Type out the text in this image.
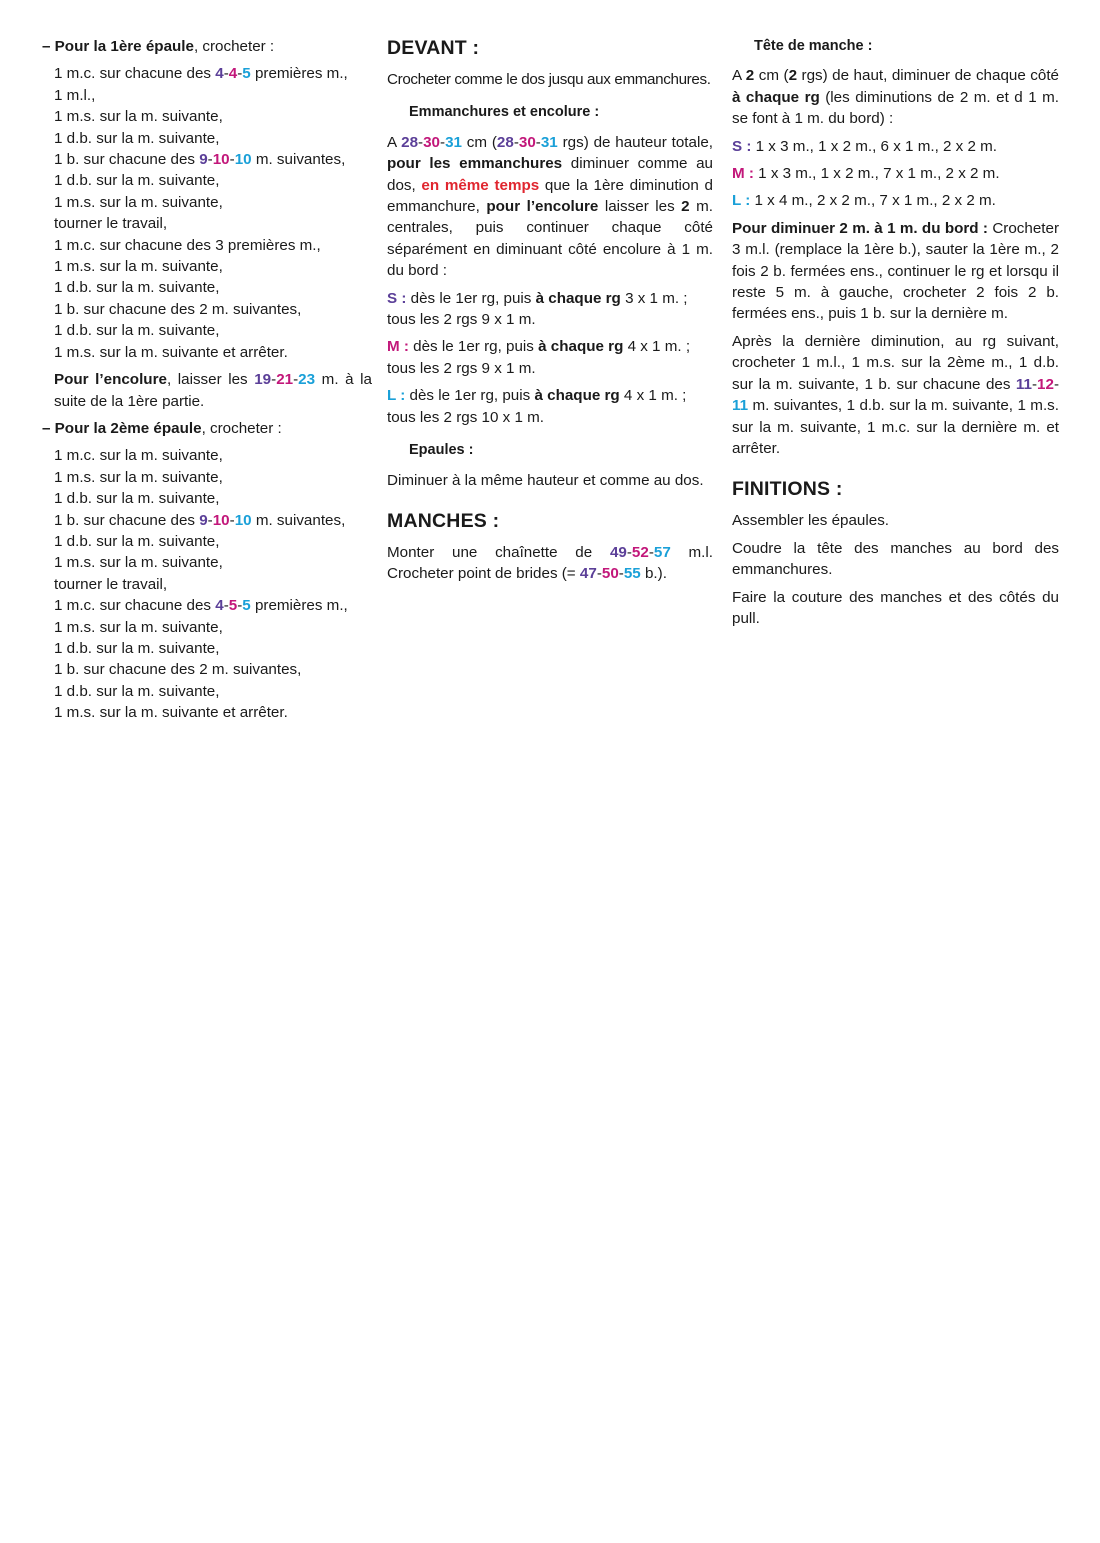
– Pour la 1ère épaule, crocheter :

1 m.c. sur chacune des 4-4-5 premières m.,

1 m.l.,

1 m.s. sur la m. suivante,

1 d.b. sur la m. suivante,

1 b. sur chacune des 9-10-10 m. suivantes,

1 d.b. sur la m. suivante,

1 m.s. sur la m. suivante,

tourner le travail,

1 m.c. sur chacune des 3 premières m.,

1 m.s. sur la m. suivante,

1 d.b. sur la m. suivante,

1 b. sur chacune des 2 m. suivantes,

1 d.b. sur la m. suivante,

1 m.s. sur la m. suivante et arrêter.

Pour l’encolure, laisser les 19-21-23 m. à la suite de la 1ère partie.

– Pour la 2ème épaule, crocheter :

1 m.c. sur la m. suivante,

1 m.s. sur la m. suivante,

1 d.b. sur la m. suivante,

1 b. sur chacune des 9-10-10 m. suivantes,

1 d.b. sur la m. suivante,

1 m.s. sur la m. suivante,

tourner le travail,

1 m.c. sur chacune des 4-5-5 premières m.,

1 m.s. sur la m. suivante,

1 d.b. sur la m. suivante,

1 b. sur chacune des 2 m. suivantes,

1 d.b. sur la m. suivante,

1 m.s. sur la m. suivante et arrêter.

DEVANT :

Crocheter comme le dos jusqu aux emmanchures.

Emmanchures et encolure :

A 28-30-31 cm (28-30-31 rgs) de hauteur totale, pour les emmanchures diminuer comme au dos, en même temps que la 1ère diminution d emmanchure, pour l’encolure laisser les 2 m. centrales, puis continuer chaque côté séparément en diminuant côté encolure à 1 m. du bord :

S : dès le 1er rg, puis à chaque rg 3 x 1 m. ; tous les 2 rgs 9 x 1 m.

M : dès le 1er rg, puis à chaque rg 4 x 1 m. ; tous les 2 rgs 9 x 1 m.

L : dès le 1er rg, puis à chaque rg 4 x 1 m. ; tous les 2 rgs 10 x 1 m.

Epaules :

Diminuer à la même hauteur et comme au dos.

MANCHES :

Monter une chaînette de 49-52-57 m.l. Crocheter point de brides (= 47-50-55 b.).

Tête de manche :

A 2 cm (2 rgs) de haut, diminuer de chaque côté à chaque rg (les diminutions de 2 m. et d 1 m. se font à 1 m. du bord) :

S : 1 x 3 m., 1 x 2 m., 6 x 1 m., 2 x 2 m.

M : 1 x 3 m., 1 x 2 m., 7 x 1 m., 2 x 2 m.

L : 1 x 4 m., 2 x 2 m., 7 x 1 m., 2 x 2 m.

Pour diminuer 2 m. à 1 m. du bord : Crocheter 3 m.l. (remplace la 1ère b.), sauter la 1ère m., 2 fois 2 b. fermées ens., continuer le rg et lorsqu il reste 5 m. à gauche, crocheter 2 fois 2 b. fermées ens., puis 1 b. sur la dernière m.

Après la dernière diminution, au rg suivant, crocheter 1 m.l., 1 m.s. sur la 2ème m., 1 d.b. sur la m. suivante, 1 b. sur chacune des 11-12-11 m. suivantes, 1 d.b. sur la m. suivante, 1 m.s. sur la m. suivante, 1 m.c. sur la dernière m. et arrêter.

FINITIONS :

Assembler les épaules.

Coudre la tête des manches au bord des emmanchures.

Faire la couture des manches et des côtés du pull.
